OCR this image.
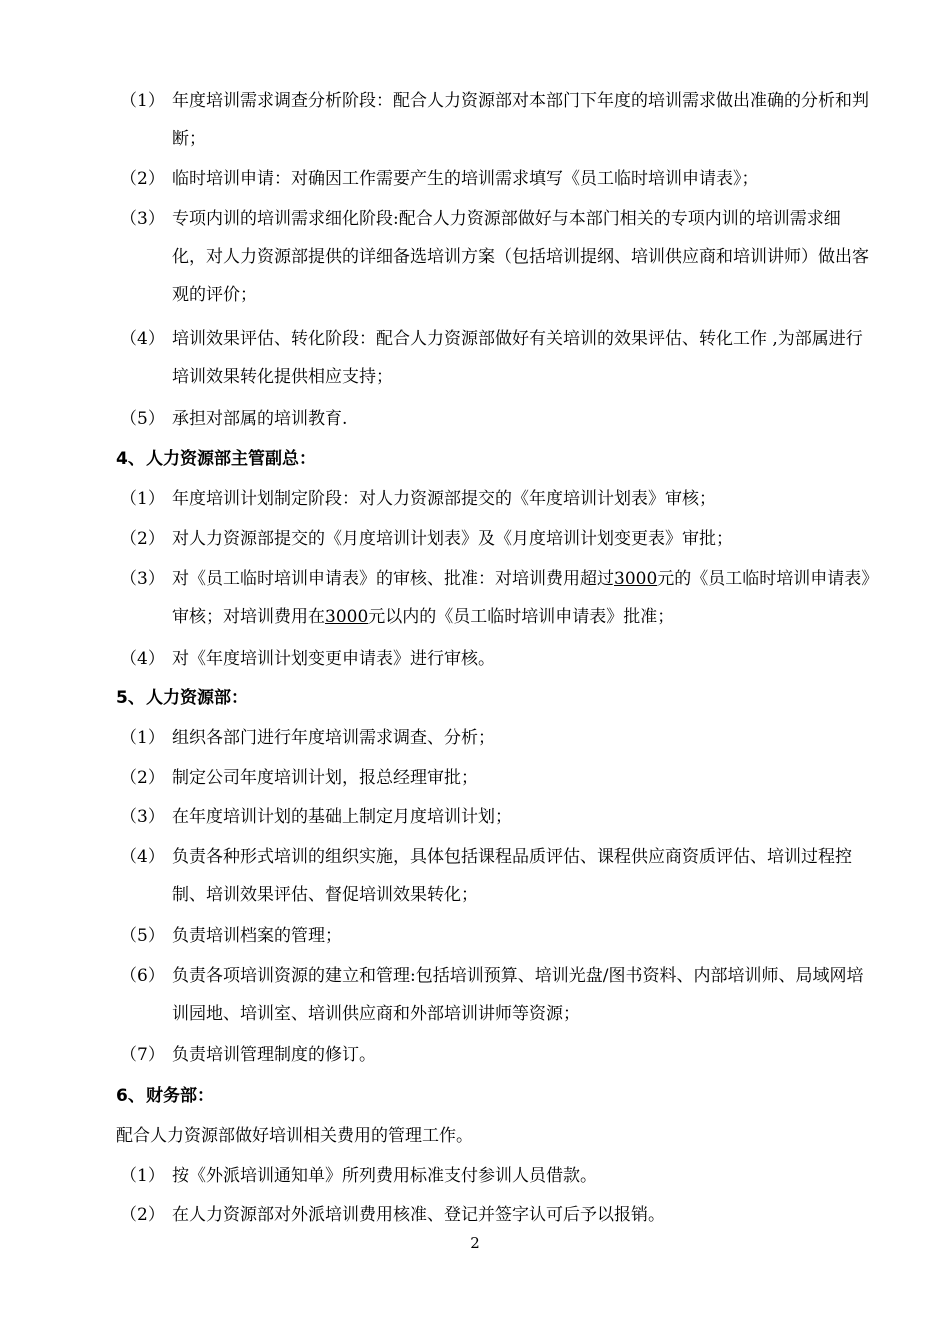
（1） 年度培训需求调查分析阶段：配合人力资源部对本部门下年度的培训需求做出准确的分析和判断；
（2） 临时培训申请：对确因工作需要产生的培训需求填写《员工临时培训申请表》；
（3） 专项内训的培训需求细化阶段:配合人力资源部做好与本部门相关的专项内训的培训需求细化，对人力资源部提供的详细备选培训方案（包括培训提纲、培训供应商和培训讲师）做出客观的评价；
（4） 培训效果评估、转化阶段：配合人力资源部做好有关培训的效果评估、转化工作 ,为部属进行培训效果转化提供相应支持；
（5） 承担对部属的培训教育.
4、人力资源部主管副总：
（1） 年度培训计划制定阶段：对人力资源部提交的《年度培训计划表》审核；
（2） 对人力资源部提交的《月度培训计划表》及《月度培训计划变更表》审批；
（3） 对《员工临时培训申请表》的审核、批准：对培训费用超过3000元的《员工临时培训申请表》审核；对培训费用在3000元以内的《员工临时培训申请表》批准；
（4） 对《年度培训计划变更申请表》进行审核。
5、人力资源部：
（1） 组织各部门进行年度培训需求调查、分析；
（2） 制定公司年度培训计划，报总经理审批；
（3） 在年度培训计划的基础上制定月度培训计划；
（4） 负责各种形式培训的组织实施，具体包括课程品质评估、课程供应商资质评估、培训过程控制、培训效果评估、督促培训效果转化；
（5） 负责培训档案的管理；
（6） 负责各项培训资源的建立和管理:包括培训预算、培训光盘/图书资料、内部培训师、局域网培训园地、培训室、培训供应商和外部培训讲师等资源；
（7） 负责培训管理制度的修订。
6、财务部：
配合人力资源部做好培训相关费用的管理工作。
（1） 按《外派培训通知单》所列费用标准支付参训人员借款。
（2） 在人力资源部对外派培训费用核准、登记并签字认可后予以报销。
2
